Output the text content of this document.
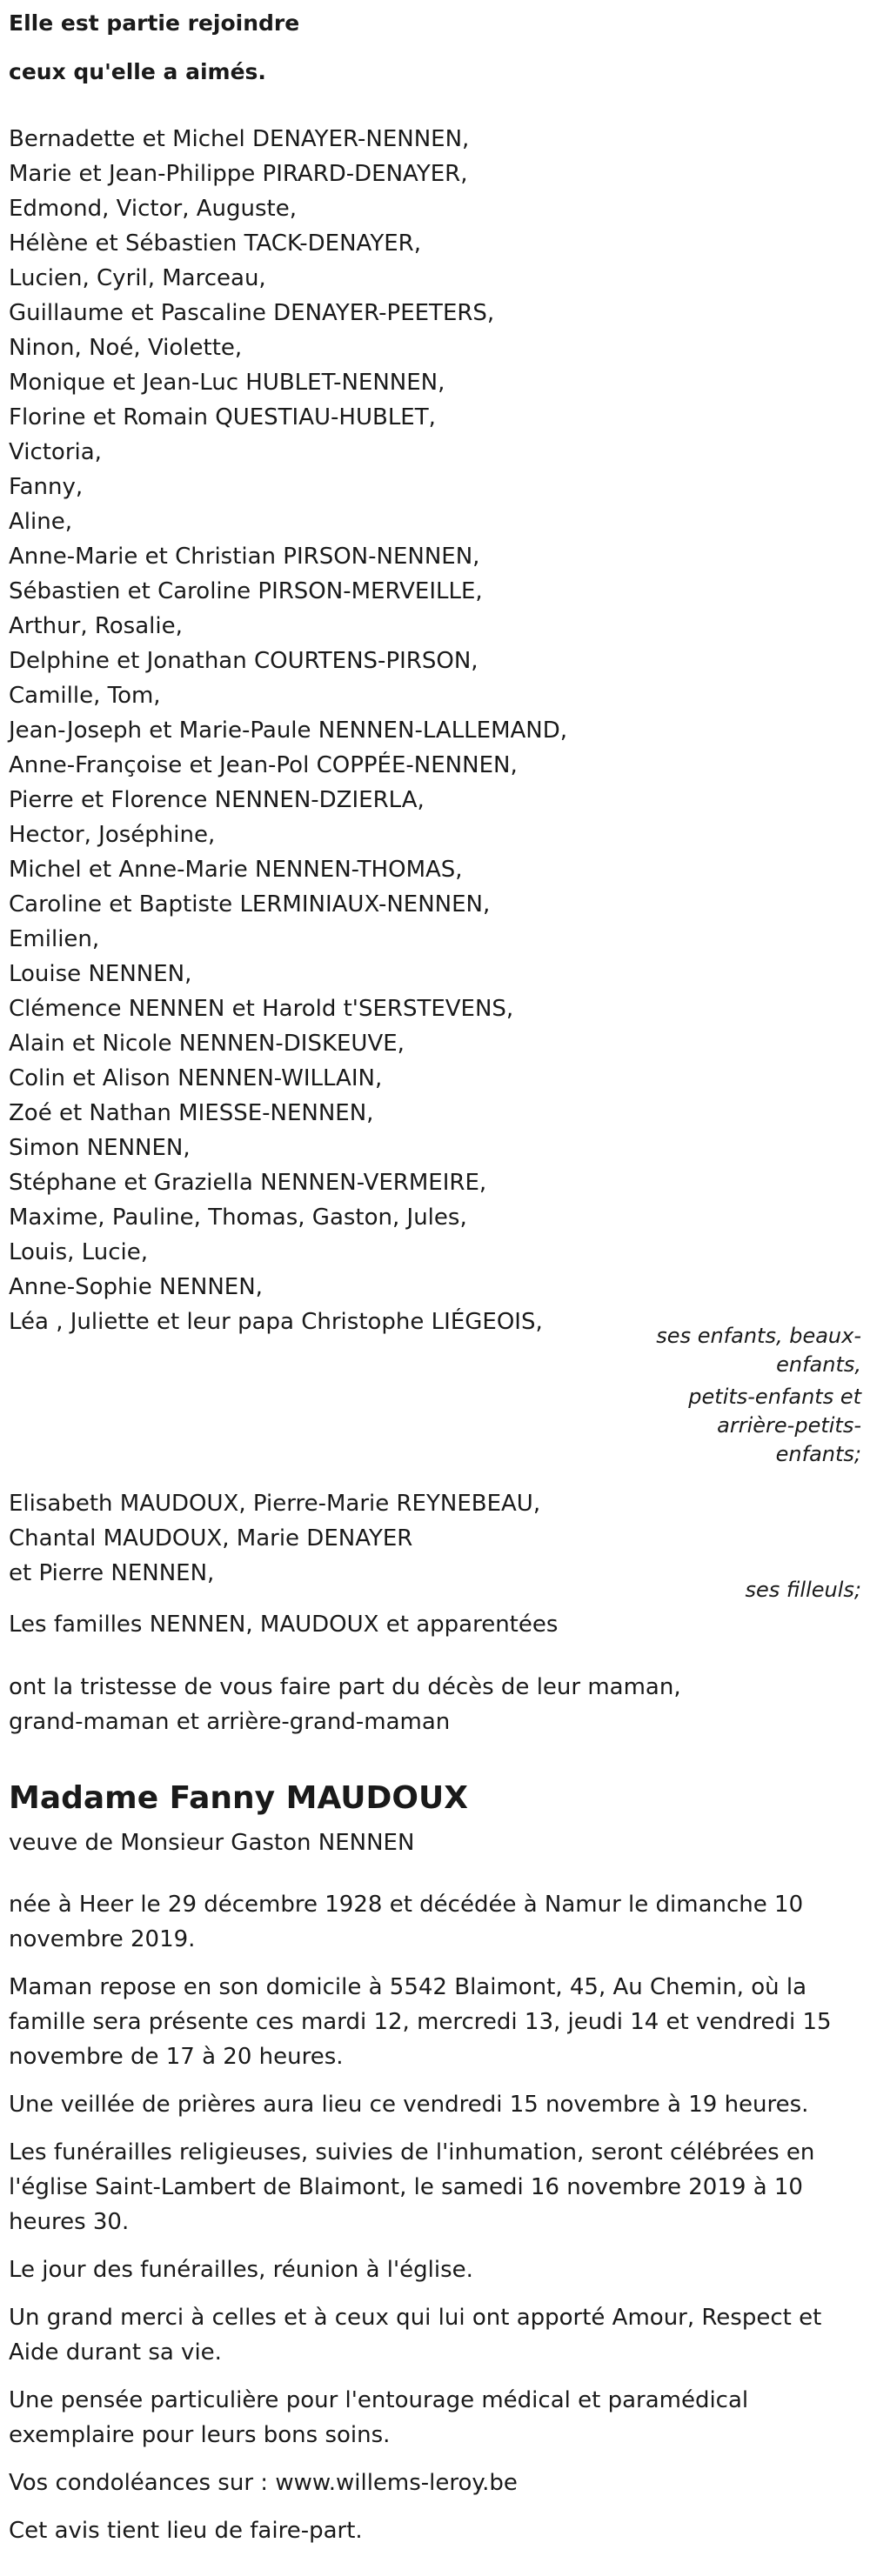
Elle est partie rejoindre

ceux qu'elle a aimés.

Bernadette et Michel DENAYER-NENNEN,
Marie et Jean-Philippe PIRARD-DENAYER,
Edmond, Victor, Auguste,
Hélène et Sébastien TACK-DENAYER,
Lucien, Cyril, Marceau,
Guillaume et Pascaline DENAYER-PEETERS,
Ninon, Noé, Violette,
Monique et Jean-Luc HUBLET-NENNEN,
Florine et Romain QUESTIAU-HUBLET,
Victoria,
Fanny,
Aline,
Anne-Marie et Christian PIRSON-NENNEN,
Sébastien et Caroline PIRSON-MERVEILLE,
Arthur, Rosalie,
Delphine et Jonathan COURTENS-PIRSON,
Camille, Tom,
Jean-Joseph et Marie-Paule NENNEN-LALLEMAND,
Anne-Françoise et Jean-Pol COPPÉE-NENNEN,
Pierre et Florence NENNEN-DZIERLA,
Hector, Joséphine,
Michel et Anne-Marie NENNEN-THOMAS,
Caroline et Baptiste LERMINIAUX-NENNEN,
Emilien,
Louise NENNEN,
Clémence NENNEN et Harold t'SERSTEVENS,
Alain et Nicole NENNEN-DISKEUVE,
Colin et Alison NENNEN-WILLAIN,
Zoé et Nathan MIESSE-NENNEN,
Simon NENNEN,
Stéphane et Graziella NENNEN-VERMEIRE,
Maxime, Pauline, Thomas, Gaston, Jules,
Louis, Lucie,
Anne-Sophie NENNEN,
Léa , Juliette et leur papa Christophe LIÉGEOIS,
ses enfants, beaux-enfants,
petits-enfants et arrière-petits-enfants;
Elisabeth MAUDOUX, Pierre-Marie REYNEBEAU,
Chantal MAUDOUX, Marie DENAYER
et Pierre NENNEN,
ses filleuls;

Les familles NENNEN, MAUDOUX et apparentées

ont la tristesse de vous faire part du décès de leur maman, grand-maman et arrière-grand-maman

Madame Fanny MAUDOUX

veuve de Monsieur Gaston NENNEN

née à Heer le 29 décembre 1928 et décédée à Namur le dimanche 10 novembre 2019.

Maman repose en son domicile à 5542 Blaimont, 45, Au Chemin, où la famille sera présente ces mardi 12, mercredi 13, jeudi 14 et vendredi 15 novembre de 17 à 20 heures.

Une veillée de prières aura lieu ce vendredi 15 novembre à 19 heures.

Les funérailles religieuses, suivies de l'inhumation, seront célébrées en l'église Saint-Lambert de Blaimont, le samedi 16 novembre 2019 à 10 heures 30.

Le jour des funérailles, réunion à l'église.

Un grand merci à celles et à ceux qui lui ont apporté Amour, Respect et Aide durant sa vie.

Une pensée particulière pour l'entourage médical et paramédical exemplaire pour leurs bons soins.

Vos condoléances sur : www.willems-leroy.be

Cet avis tient lieu de faire-part.
